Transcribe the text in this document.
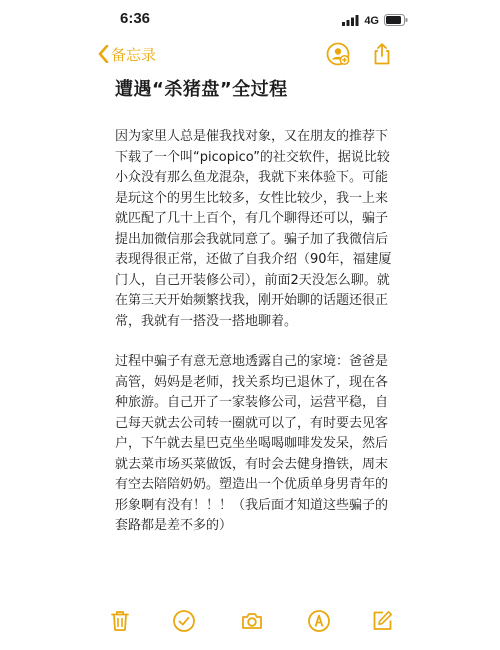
6:36	4G
备忘录
遭遇“杀猪盘”全过程

因为家里人总是催我找对象，又在朋友的推荐下下载了一个叫“picopico”的社交软件，据说比较小众没有那么鱼龙混杂，我就下来体验下。可能是玩这个的男生比较多，女性比较少，我一上来就匹配了几十上百个，有几个聊得还可以，骗子提出加微信那会我就同意了。骗子加了我微信后表现得很正常，还做了自我介绍（90年，福建厦门人，自己开装修公司），前面2天没怎么聊。就在第三天开始频繁找我，刚开始聊的话题还很正常，我就有一搭没一搭地聊着。

过程中骗子有意无意地透露自己的家境：爸爸是高管，妈妈是老师，找关系均已退休了，现在各种旅游。自己开了一家装修公司，运营平稳，自己每天就去公司转一圈就可以了，有时要去见客户，下午就去星巴克坐坐喝喝咖啡发发呆，然后就去菜市场买菜做饭，有时会去健身撸铁，周末有空去陪陪奶奶。塑造出一个优质单身男青年的形象啊有没有！！！（我后面才知道这些骗子的套路都是差不多的）
